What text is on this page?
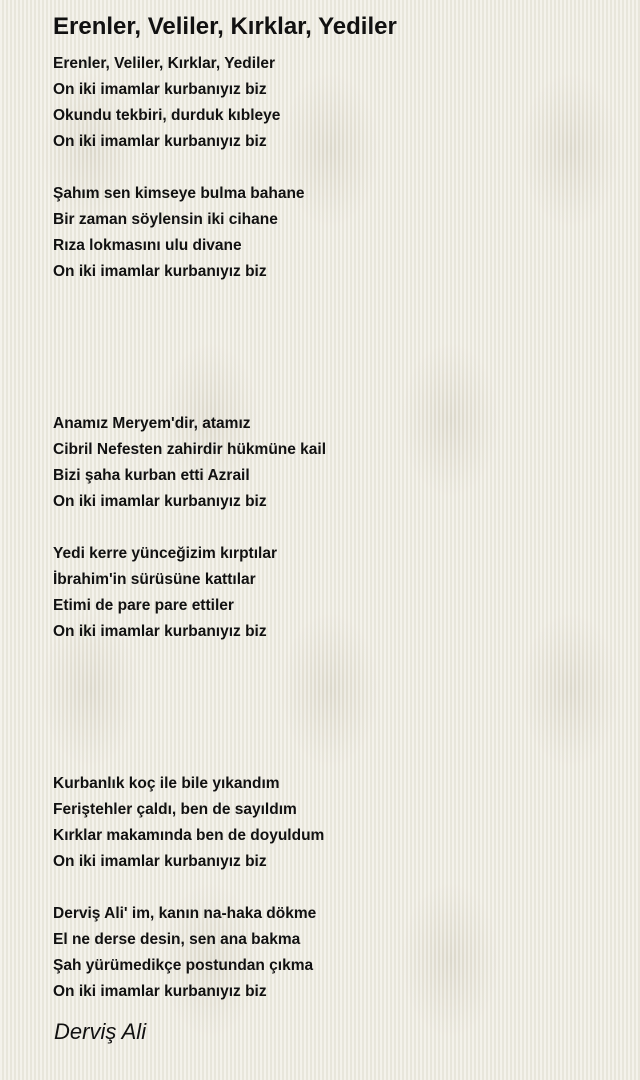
Erenler, Veliler, Kırklar, Yediler
Erenler, Veliler, Kırklar, Yediler
On iki imamlar kurbanıyız biz
Okundu tekbiri, durduk kıbleye
On iki imamlar kurbanıyız biz
Şahım sen kimseye bulma bahane
Bir zaman söylensin iki cihane
Rıza lokmasını ulu divane
On iki imamlar kurbanıyız biz
Anamız Meryem'dir, atamız
Cibril Nefesten zahirdir hükmüne kail
Bizi şaha kurban etti Azrail
On iki imamlar kurbanıyız biz
Yedi kerre yünceğizim kırptılar
İbrahim'in sürüsüne kattılar
Etimi de pare pare ettiler
On iki imamlar kurbanıyız biz
Kurbanlık koç ile bile yıkandım
Feriştehler çaldı, ben de sayıldım
Kırklar makamında ben de doyuldum
On iki imamlar kurbanıyız biz
Derviş Ali' im, kanın na-haka dökme
El ne derse desin, sen ana bakma
Şah yürümedikçe postundan çıkma
On iki imamlar kurbanıyız biz
Derviş Ali
